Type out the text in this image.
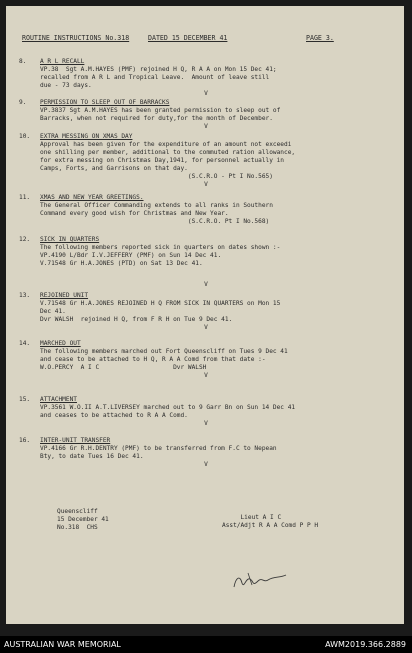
ROUTINE INSTRUCTIONS No.318	DATED 15 DECEMBER 41	PAGE 3.
8.	A R L RECALL
VP.38  Sgt A.M.HAYES (PMF) rejoined H Q, R A A on Mon 15 Dec 41;
recalled from A R L and Tropical Leave.  Amount of leave still
due - 73 days.
V
9.	PERMISSION TO SLEEP OUT OF BARRACKS
VP.3837 Sgt A.M.HAYES has been granted permission to sleep out of
Barracks, when not required for duty,for the month of December.
V
10.	EXTRA MESSING ON XMAS DAY
Approval has been given for the expenditure of an amount not exceedi
one shilling per member, additional to the commuted ration allowance,
for extra messing on Christmas Day,1941, for personnel actually in
Camps, Forts, and Garrisons on that day.
(S.C.R.O - Pt I No.565)
V
11.	XMAS AND NEW YEAR GREETINGS.
The General Officer Commanding extends to all ranks in Southern
Command every good wish for Christmas and New Year.
(S.C.R.O. Pt I No.568)
12.	SICK IN QUARTERS
The following members reported sick in quarters on dates shown :-
VP.4190 L/Bdr I.V.JEFFERY (PMF) on Sun 14 Dec 41.
V.71548 Gr H.A.JONES (PTD) on Sat 13 Dec 41.
V
13.	REJOINED UNIT
V.71548 Gr H.A.JONES REJOINED H Q FROM SICK IN QUARTERS on Mon 15
Dec 41.
Dvr WALSH  rejoined H Q, from F R H on Tue 9 Dec 41.
V
14.	MARCHED OUT
The following members marched out Fort Queenscliff on Tues 9 Dec 41
and cease to be attached to H Q, R A A Comd from that date :-
W.O.PERCY  A I C                    Dvr WALSH
V
15.	ATTACHMENT
VP.3561 W.O.II A.T.LIVERSEY marched out to 9 Garr Bn on Sun 14 Dec 41
and ceases to be attached to R A A Comd.
V
16.	INTER-UNIT TRANSFER
VP.4166 Gr R.H.DENTRY (PMF) to be transferred from F.C to Nepean
Bty, to date Tues 16 Dec 41.
V
Queenscliff
15 December 41
No.318  CHS
Lieut A I C
Asst/Adjt R A A Comd P P H
AUSTRALIAN WAR MEMORIAL	AWM2019.366.2889
